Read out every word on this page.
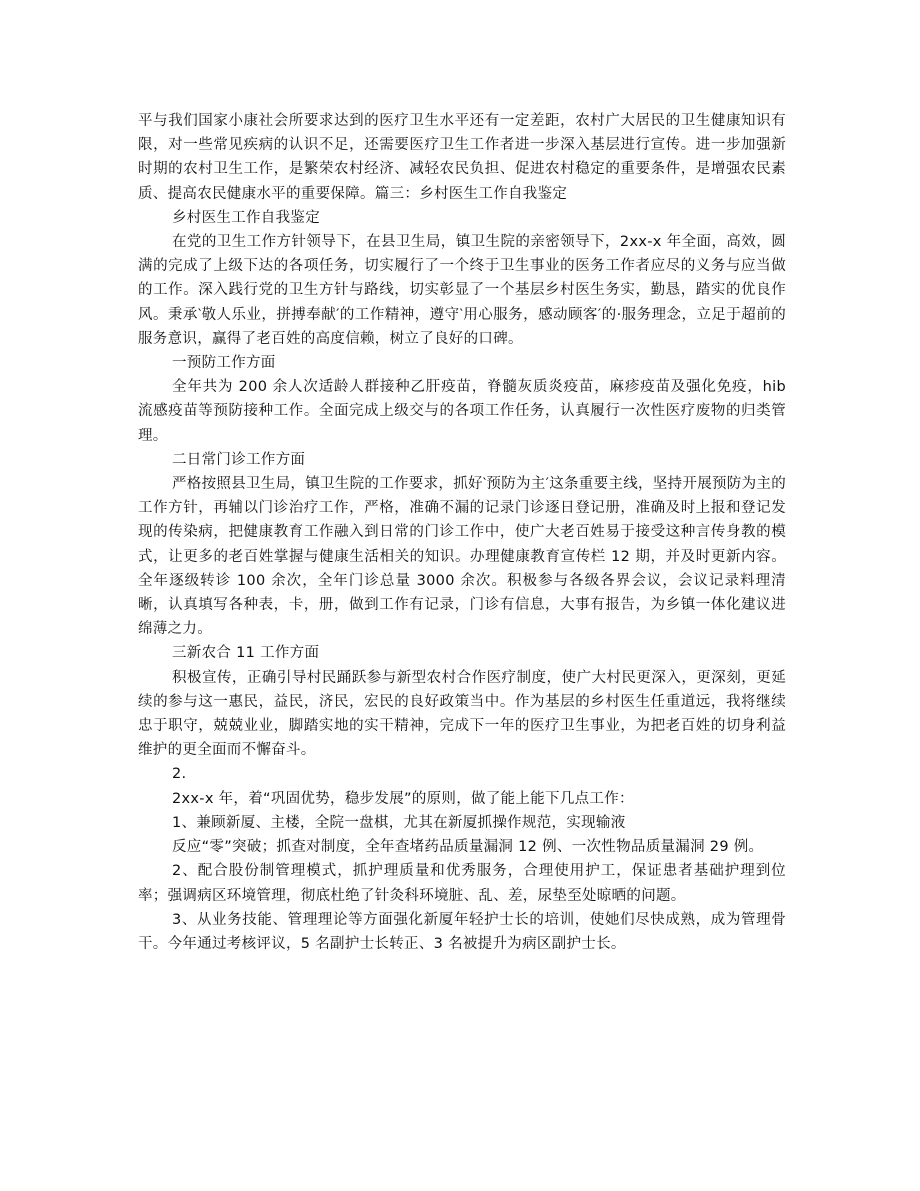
平与我们国家小康社会所要求达到的医疗卫生水平还有一定差距，农村广大居民的卫生健康知识有限，对一些常见疾病的认识不足，还需要医疗卫生工作者进一步深入基层进行宣传。进一步加强新时期的农村卫生工作，是繁荣农村经济、减轻农民负担、促进农村稳定的重要条件，是增强农民素质、提高农民健康水平的重要保障。篇三：乡村医生工作自我鉴定

乡村医生工作自我鉴定

在党的卫生工作方针领导下，在县卫生局，镇卫生院的亲密领导下，2xx-x 年全面，高效，圆满的完成了上级下达的各项任务，切实履行了一个终于卫生事业的医务工作者应尽的义务与应当做的工作。深入践行党的卫生方针与路线，切实彰显了一个基层乡村医生务实，勤恳，踏实的优良作风。秉承‵敬人乐业，拼搏奉献′的工作精神，遵守‵用心服务，感动顾客′的·服务理念，立足于超前的服务意识，赢得了老百姓的高度信赖，树立了良好的口碑。

一预防工作方面

全年共为 200 余人次适龄人群接种乙肝疫苗，脊髓灰质炎疫苗，麻疹疫苗及强化免疫，hib 流感疫苗等预防接种工作。全面完成上级交与的各项工作任务，认真履行一次性医疗废物的归类管理。

二日常门诊工作方面

严格按照县卫生局，镇卫生院的工作要求，抓好‵预防为主′这条重要主线，坚持开展预防为主的工作方针，再辅以门诊治疗工作，严格，准确不漏的记录门诊逐日登记册，准确及时上报和登记发现的传染病，把健康教育工作融入到日常的门诊工作中，使广大老百姓易于接受这种言传身教的模式，让更多的老百姓掌握与健康生活相关的知识。办理健康教育宣传栏 12 期，并及时更新内容。全年逐级转诊 100 余次，全年门诊总量 3000 余次。积极参与各级各界会议，会议记录料理清晰，认真填写各种表，卡，册，做到工作有记录，门诊有信息，大事有报告，为乡镇一体化建议进绵薄之力。

三新农合 11 工作方面

积极宣传，正确引导村民踊跃参与新型农村合作医疗制度，使广大村民更深入，更深刻，更延续的参与这一惠民，益民，济民，宏民的良好政策当中。作为基层的乡村医生任重道远，我将继续忠于职守，兢兢业业，脚踏实地的实干精神，完成下一年的医疗卫生事业，为把老百姓的切身利益维护的更全面而不懈奋斗。

2.

2xx-x 年，着“巩固优势，稳步发展”的原则，做了能上能下几点工作：

1、兼顾新厦、主楼，全院一盘棋，尤其在新厦抓操作规范，实现输液

反应“零”突破；抓查对制度，全年查堵药品质量漏洞 12 例、一次性物品质量漏洞 29 例。

2、配合股份制管理模式，抓护理质量和优秀服务，合理使用护工，保证患者基础护理到位率；强调病区环境管理，彻底杜绝了针灸科环境脏、乱、差，尿垫至处晾晒的问题。

3、从业务技能、管理理论等方面强化新厦年轻护士长的培训，使她们尽快成熟，成为管理骨干。今年通过考核评议，5 名副护士长转正、3 名被提升为病区副护士长。
